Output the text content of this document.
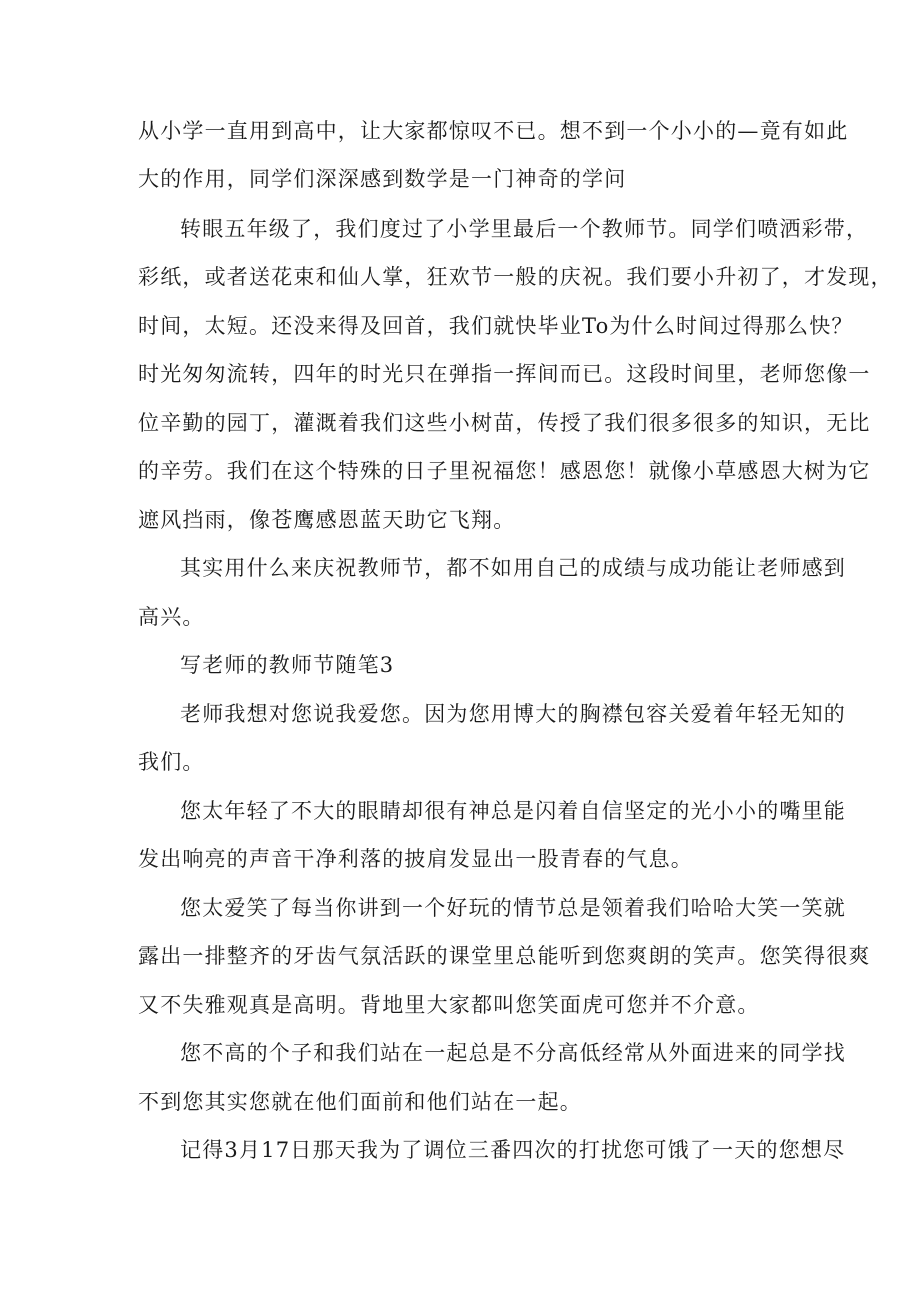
从小学一直用到高中，让大家都惊叹不已。想不到一个小小的—竟有如此
大的作用，同学们深深感到数学是一门神奇的学问
转眼五年级了，我们度过了小学里最后一个教师节。同学们喷洒彩带，
彩纸，或者送花束和仙人掌，狂欢节一般的庆祝。我们要小升初了，才发现，
时间，太短。还没来得及回首，我们就快毕业To为什么时间过得那么快？
时光匆匆流转，四年的时光只在弹指一挥间而已。这段时间里，老师您像一
位辛勤的园丁，灌溉着我们这些小树苗，传授了我们很多很多的知识，无比
的辛劳。我们在这个特殊的日子里祝福您！感恩您！就像小草感恩大树为它
遮风挡雨，像苍鹰感恩蓝天助它飞翔。
其实用什么来庆祝教师节，都不如用自己的成绩与成功能让老师感到
高兴。
写老师的教师节随笔3
老师我想对您说我爱您。因为您用博大的胸襟包容关爱着年轻无知的
我们。
您太年轻了不大的眼睛却很有神总是闪着自信坚定的光小小的嘴里能
发出响亮的声音干净利落的披肩发显出一股青春的气息。
您太爱笑了每当你讲到一个好玩的情节总是领着我们哈哈大笑一笑就
露出一排整齐的牙齿气氛活跃的课堂里总能听到您爽朗的笑声。您笑得很爽
又不失雅观真是高明。背地里大家都叫您笑面虎可您并不介意。
您不高的个子和我们站在一起总是不分高低经常从外面进来的同学找
不到您其实您就在他们面前和他们站在一起。
记得3月17日那天我为了调位三番四次的打扰您可饿了一天的您想尽
